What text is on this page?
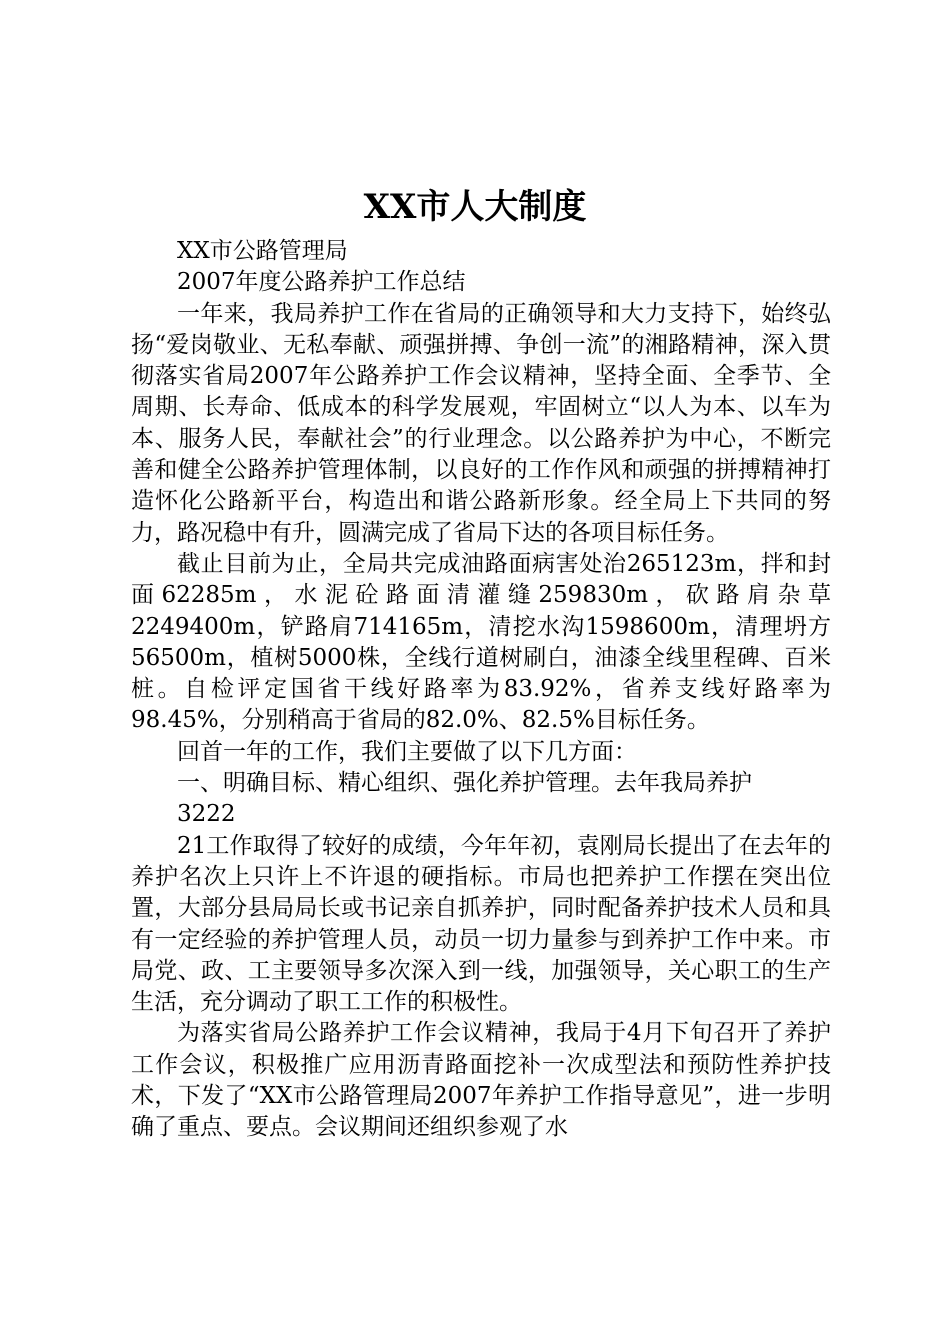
XX市人大制度

XX市公路管理局

2007年度公路养护工作总结

一年来，我局养护工作在省局的正确领导和大力支持下，始终弘扬“爱岗敬业、无私奉献、顽强拼搏、争创一流”的湘路精神，深入贯彻落实省局2007年公路养护工作会议精神，坚持全面、全季节、全周期、长寿命、低成本的科学发展观，牢固树立“以人为本、以车为本、服务人民，奉献社会”的行业理念。以公路养护为中心，不断完善和健全公路养护管理体制，以良好的工作作风和顽强的拼搏精神打造怀化公路新平台，构造出和谐公路新形象。经全局上下共同的努力，路况稳中有升，圆满完成了省局下达的各项目标任务。

截止目前为止，全局共完成油路面病害处治265123m，拌和封面62285m，水泥砼路面清灌缝259830m，砍路肩杂草2249400m，铲路肩714165m，清挖水沟1598600m，清理坍方56500m，植树5000株，全线行道树刷白，油漆全线里程碑、百米桩。自检评定国省干线好路率为83.92%，省养支线好路率为98.45%，分别稍高于省局的82.0%、82.5%目标任务。

回首一年的工作，我们主要做了以下几方面：

一、明确目标、精心组织、强化养护管理。去年我局养护

3222

21工作取得了较好的成绩，今年年初，袁刚局长提出了在去年的养护名次上只许上不许退的硬指标。市局也把养护工作摆在突出位置，大部分县局局长或书记亲自抓养护，同时配备养护技术人员和具有一定经验的养护管理人员，动员一切力量参与到养护工作中来。市局党、政、工主要领导多次深入到一线，加强领导，关心职工的生产生活，充分调动了职工工作的积极性。

为落实省局公路养护工作会议精神，我局于4月下旬召开了养护工作会议，积极推广应用沥青路面挖补一次成型法和预防性养护技术，下发了“XX市公路管理局2007年养护工作指导意见”，进一步明确了重点、要点。会议期间还组织参观了水
